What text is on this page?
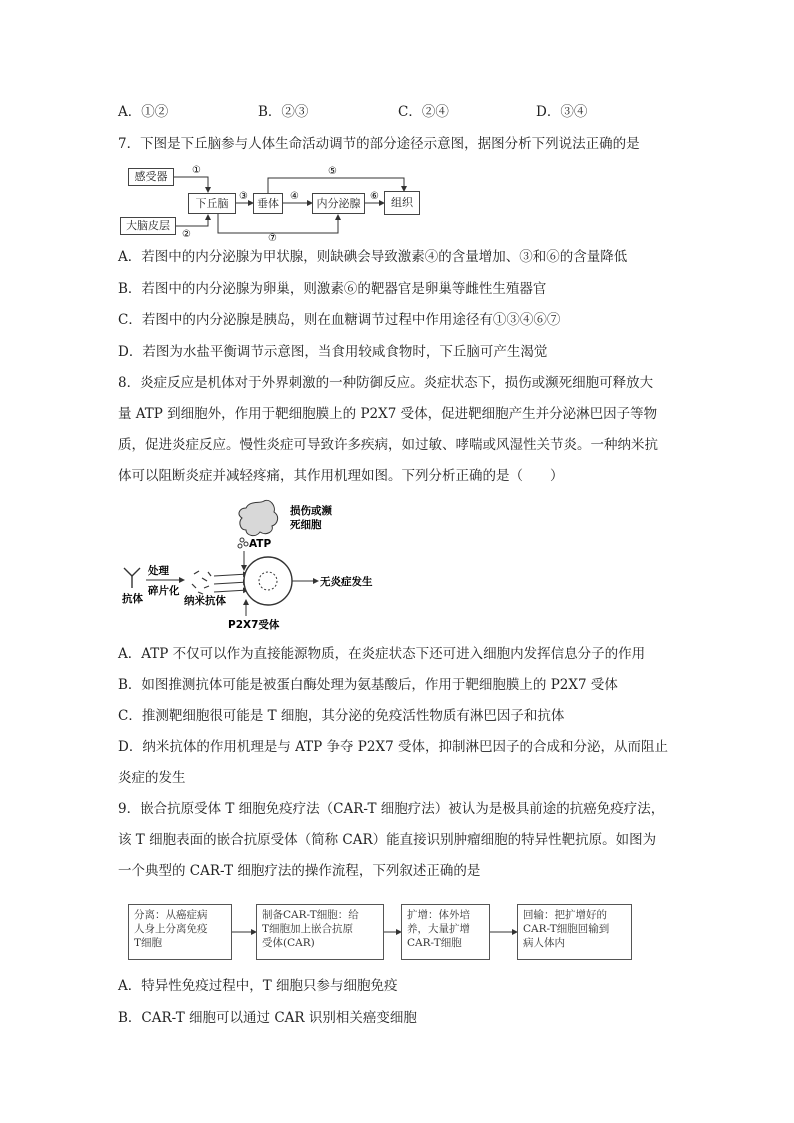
A．①②	B．②③	C．②④	D．③④
7．下图是下丘脑参与人体生命活动调节的部分途径示意图，据图分析下列说法正确的是
①
②
③	④
⑤
⑥
⑦
感受器
大脑皮层
下丘脑	垂体	内分泌腺	组织
A．若图中的内分泌腺为甲状腺，则缺碘会导致激素④的含量增加、③和⑥的含量降低
B．若图中的内分泌腺为卵巢，则激素⑥的靶器官是卵巢等雌性生殖器官
C．若图中的内分泌腺是胰岛，则在血糖调节过程中作用途径有①③④⑥⑦
D．若图为水盐平衡调节示意图，当食用较咸食物时，下丘脑可产生渴觉
8．炎症反应是机体对于外界刺激的一种防御反应。炎症状态下，损伤或濒死细胞可释放大
量 ATP 到细胞外，作用于靶细胞膜上的 P2X7 受体，促进靶细胞产生并分泌淋巴因子等物
质，促进炎症反应。慢性炎症可导致许多疾病，如过敏、哮喘或风湿性关节炎。一种纳米抗
体可以阻断炎症并减轻疼痛，其作用机理如图。下列分析正确的是（　　）
损伤或濒
死细胞
ATP
抗体
处理
碎片化
纳米抗体
无炎症发生
P2X7受体
A．ATP 不仅可以作为直接能源物质，在炎症状态下还可进入细胞内发挥信息分子的作用
B．如图推测抗体可能是被蛋白酶处理为氨基酸后，作用于靶细胞膜上的 P2X7 受体
C．推测靶细胞很可能是 T 细胞，其分泌的免疫活性物质有淋巴因子和抗体
D．纳米抗体的作用机理是与 ATP 争夺 P2X7 受体，抑制淋巴因子的合成和分泌，从而阻止
炎症的发生
9．嵌合抗原受体 T 细胞免疫疗法（CAR-T 细胞疗法）被认为是极具前途的抗癌免疫疗法，
该 T 细胞表面的嵌合抗原受体（简称 CAR）能直接识别肿瘤细胞的特异性靶抗原。如图为
一个典型的 CAR-T 细胞疗法的操作流程，下列叙述正确的是
分离：从癌症病
人身上分离免疫
T细胞
制备CAR-T细胞：给
T细胞加上嵌合抗原
受体(CAR)
扩增：体外培
养，大量扩增
CAR-T细胞
回输：把扩增好的
CAR-T细胞回输到
病人体内
A．特异性免疫过程中，T 细胞只参与细胞免疫
B．CAR-T 细胞可以通过 CAR 识别相关癌变细胞
